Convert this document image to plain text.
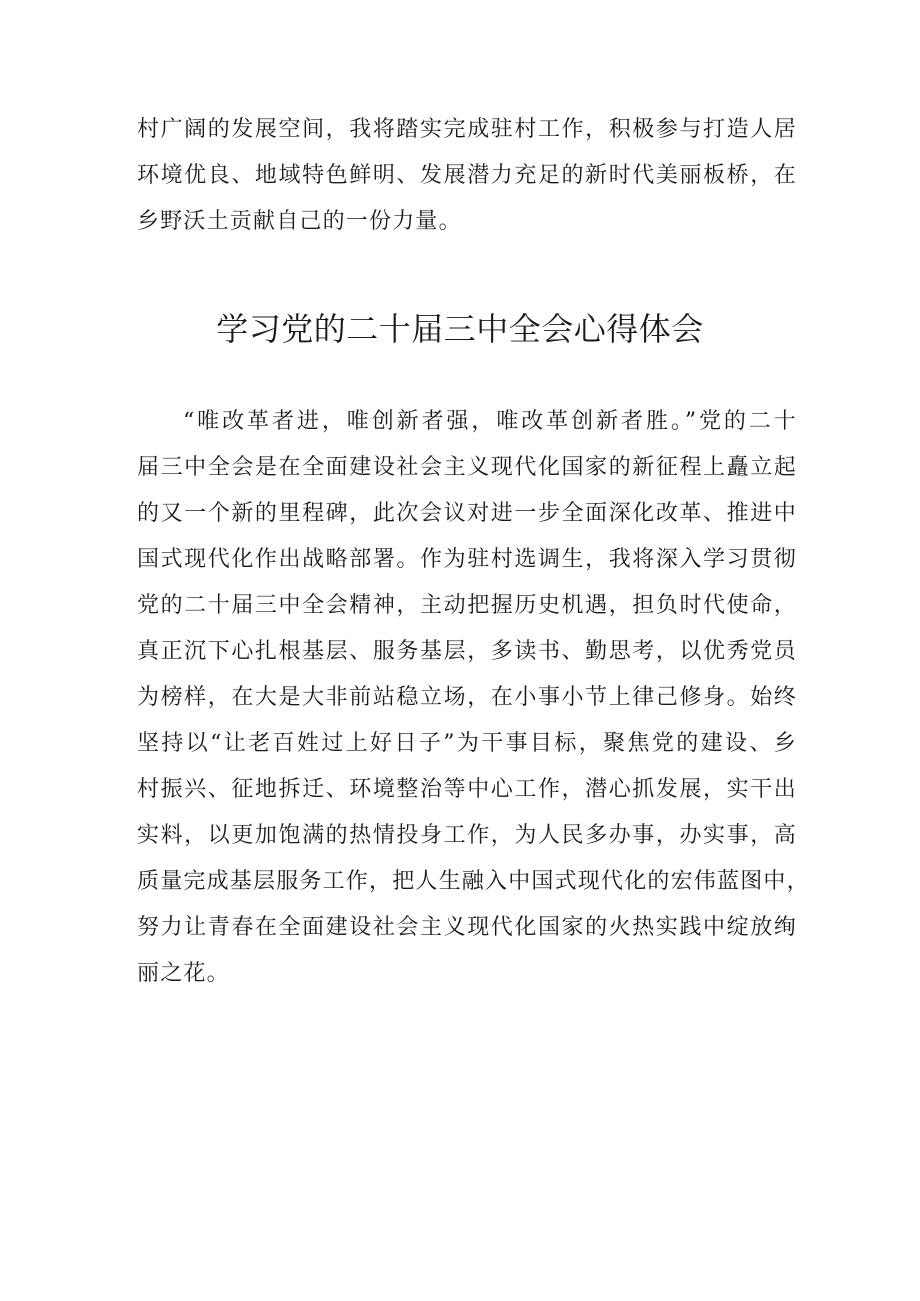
村广阔的发展空间，我将踏实完成驻村工作，积极参与打造人居
环境优良、地域特色鲜明、发展潜力充足的新时代美丽板桥，在
乡野沃土贡献自己的一份力量。
学习党的二十届三中全会心得体会
“唯改革者进，唯创新者强，唯改革创新者胜。”党的二十
届三中全会是在全面建设社会主义现代化国家的新征程上矗立起
的又一个新的里程碑，此次会议对进一步全面深化改革、推进中
国式现代化作出战略部署。作为驻村选调生，我将深入学习贯彻
党的二十届三中全会精神，主动把握历史机遇，担负时代使命，
真正沉下心扎根基层、服务基层，多读书、勤思考，以优秀党员
为榜样，在大是大非前站稳立场，在小事小节上律己修身。始终
坚持以“让老百姓过上好日子”为干事目标，聚焦党的建设、乡
村振兴、征地拆迁、环境整治等中心工作，潜心抓发展，实干出
实料，以更加饱满的热情投身工作，为人民多办事，办实事，高
质量完成基层服务工作，把人生融入中国式现代化的宏伟蓝图中，
努力让青春在全面建设社会主义现代化国家的火热实践中绽放绚
丽之花。
